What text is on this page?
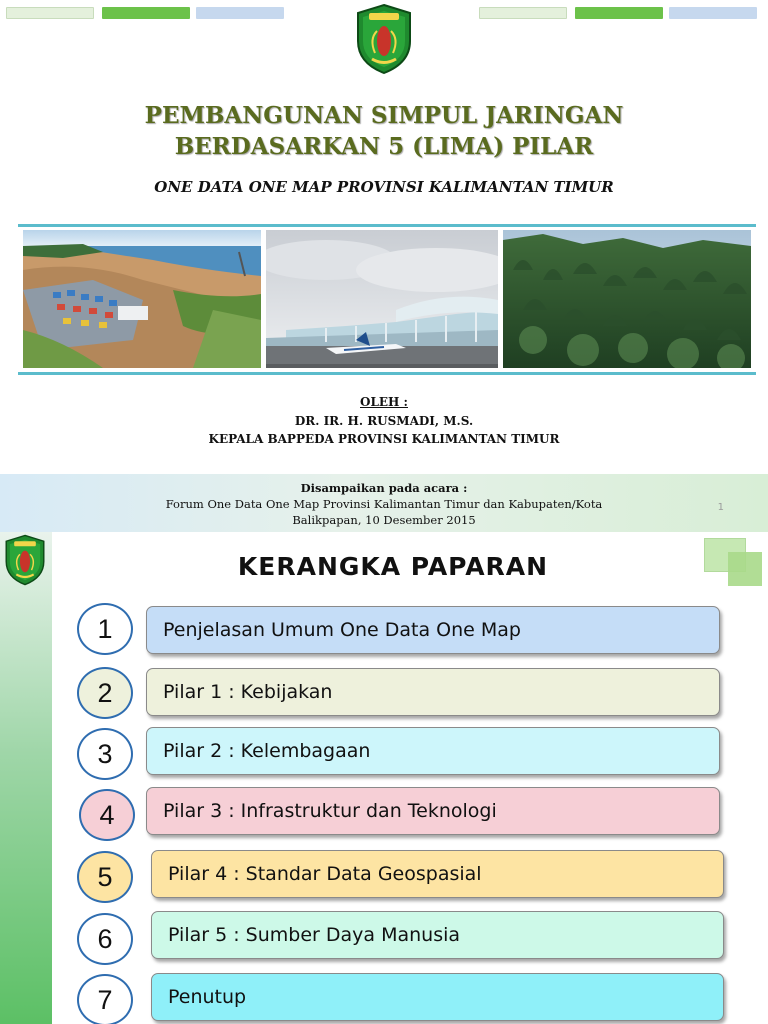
PEMBANGUNAN SIMPUL JARINGAN
BERDASARKAN 5 (LIMA) PILAR
ONE DATA ONE MAP PROVINSI KALIMANTAN TIMUR
OLEH :
DR. IR. H. RUSMADI, M.S.
KEPALA BAPPEDA PROVINSI KALIMANTAN TIMUR
Disampaikan pada acara :
Forum One Data One Map Provinsi Kalimantan Timur dan Kabupaten/Kota
Balikpapan, 10 Desember 2015
1
KERANGKA PAPARAN
1	Penjelasan Umum One Data One Map
2	Pilar 1 : Kebijakan
3	Pilar 2 : Kelembagaan
4	Pilar 3 : Infrastruktur dan Teknologi
5	Pilar 4 : Standar Data Geospasial
6	Pilar 5 : Sumber Daya Manusia
7	Penutup
